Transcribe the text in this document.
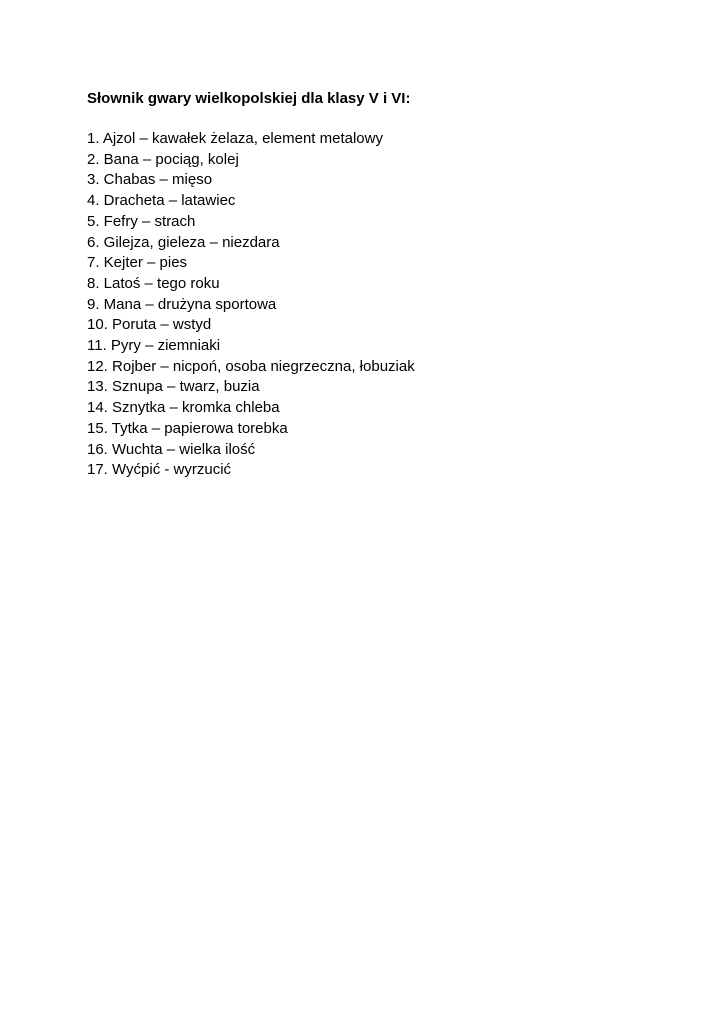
Słownik gwary wielkopolskiej dla klasy V i VI:
1. Ajzol – kawałek żelaza, element metalowy
2. Bana – pociąg, kolej
3. Chabas – mięso
4. Dracheta – latawiec
5. Fefry – strach
6. Gilejza, gieleza – niezdara
7. Kejter – pies
8. Latoś – tego roku
9. Mana – drużyna sportowa
10. Poruta – wstyd
11. Pyry – ziemniaki
12. Rojber – nicpoń, osoba niegrzeczna, łobuziak
13. Sznupa – twarz, buzia
14. Sznytka – kromka chleba
15. Tytka – papierowa torebka
16. Wuchta – wielka ilość
17. Wyćpić - wyrzucić
